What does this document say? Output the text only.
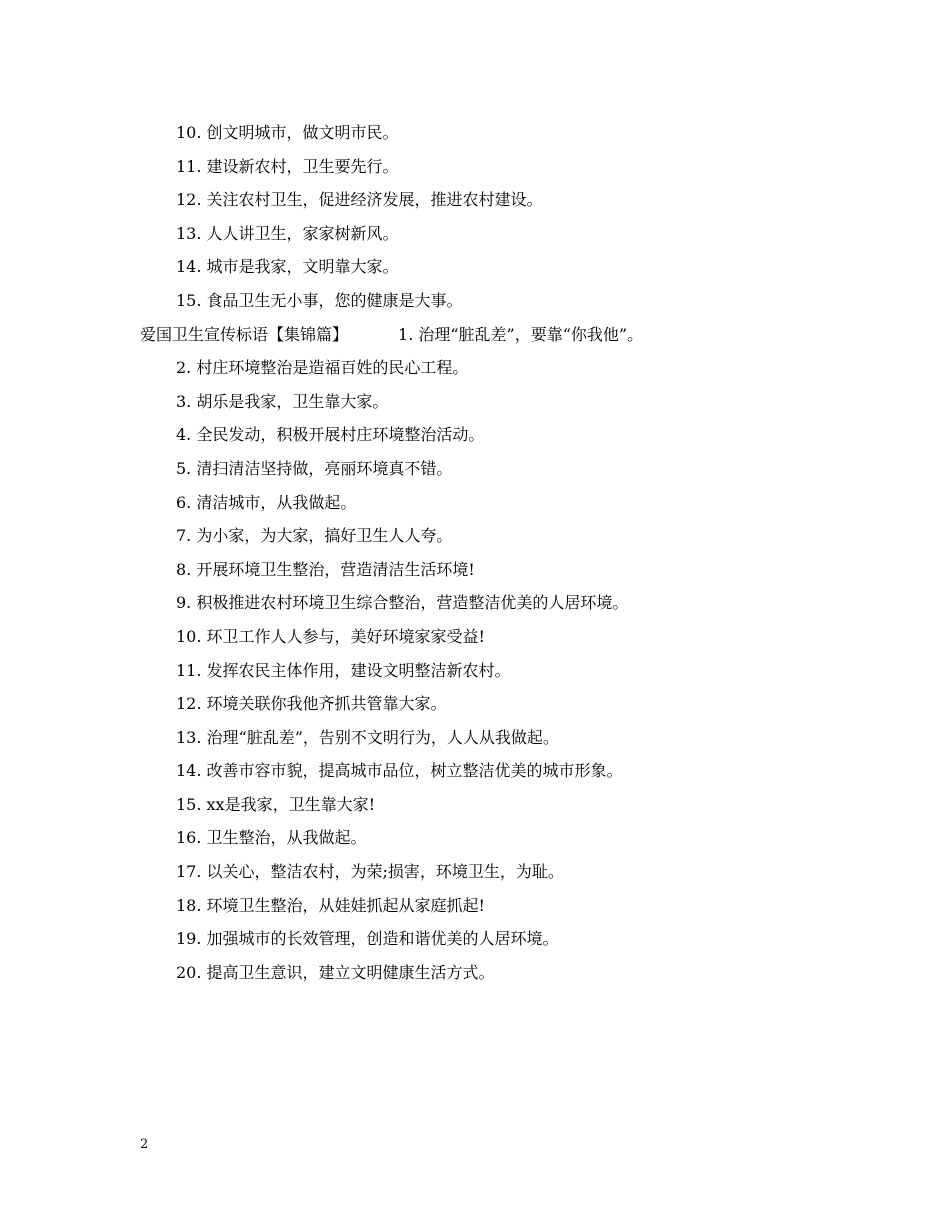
10. 创文明城市，做文明市民。
11. 建设新农村，卫生要先行。
12. 关注农村卫生，促进经济发展，推进农村建设。
13. 人人讲卫生，家家树新风。
14. 城市是我家，文明靠大家。
15. 食品卫生无小事，您的健康是大事。
爱国卫生宣传标语【集锦篇】	1. 治理“脏乱差”，要靠“你我他”。
2. 村庄环境整治是造福百姓的民心工程。
3. 胡乐是我家，卫生靠大家。
4. 全民发动，积极开展村庄环境整治活动。
5. 清扫清洁坚持做，亮丽环境真不错。
6. 清洁城市，从我做起。
7. 为小家，为大家，搞好卫生人人夸。
8. 开展环境卫生整治，营造清洁生活环境!
9. 积极推进农村环境卫生综合整治，营造整洁优美的人居环境。
10. 环卫工作人人参与，美好环境家家受益!
11. 发挥农民主体作用，建设文明整洁新农村。
12. 环境关联你我他齐抓共管靠大家。
13. 治理“脏乱差”，告别不文明行为，人人从我做起。
14. 改善市容市貌，提高城市品位，树立整洁优美的城市形象。
15. xx是我家，卫生靠大家!
16. 卫生整治，从我做起。
17. 以关心，整洁农村，为荣;损害，环境卫生，为耻。
18. 环境卫生整治，从娃娃抓起从家庭抓起!
19. 加强城市的长效管理，创造和谐优美的人居环境。
20. 提高卫生意识，建立文明健康生活方式。
2
